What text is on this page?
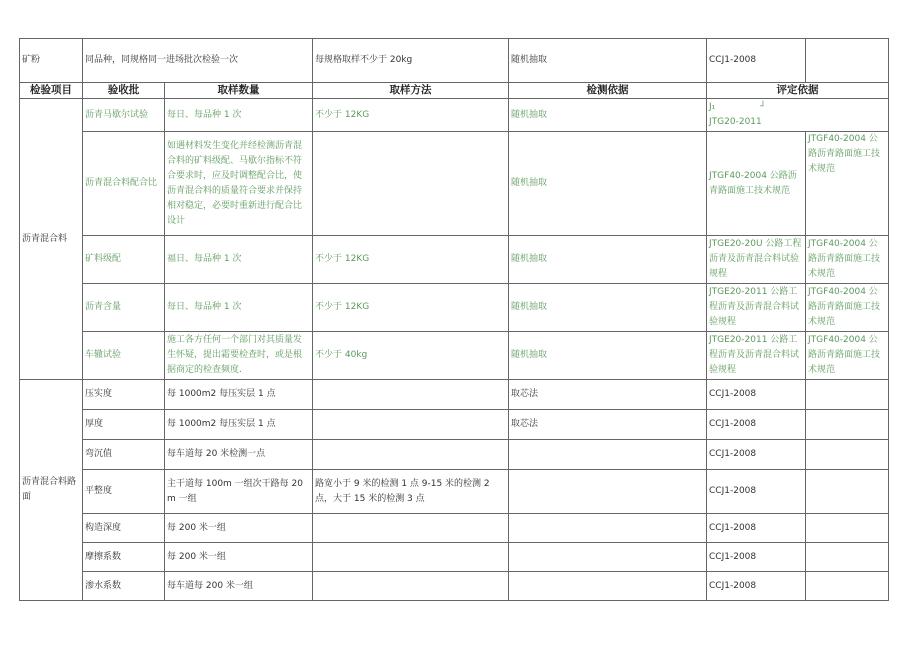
矿粉	同品种，同规格同一进场批次检验一次		每规格取样不少于 20kg	随机抽取	CCJ1-2008	
检验项目	验收批	取样数量	取样方法	检测依据	评定依据	
沥青混合料	沥青马歇尔试验	每日、每品种 1 次	不少于 12KG	随机抽取	J₁　　　　　┘
JTG20-2011	
	沥青混合料配合比	如遇材料发生变化并经检测沥青混合料的矿料级配、马歇尔指标不符合要求时，应及时调整配合比，使沥青混合料的质量符合要求并保持相对稳定，必要时重新进行配合比设计		随机抽取	JTGF40-2004 公路沥青路面施工技术规范	JTGF40-2004 公路沥青路面施工技术规范
	矿料级配	福日、每品种 1 次	不少于 12KG	随机抽取	JTGE20-20U 公路工程沥青及沥青混合料试验规程	JTGF40-2004 公路沥青路面施工技术规范
	沥青含量	每日、每品种 1 次	不少于 12KG	随机抽取	JTGE20-2011 公路工程沥青及沥青混合料试验规程	JTGF40-2004 公路沥青路面施工技术规范
	车辙试验	施工各方任何一个部门对其质量发生怀疑，提出霜要检查时，或是根据商定的检查频度.	不少于 40kg	随机抽取	JTGE20-2011 公路工程沥青及沥青混合料试验规程	JTGF40-2004 公路沥青路面施工技术规范
沥青混合料路面	压实度	每 1000m2 每压实层 1 点		取芯法	CCJ1-2008	
	厚度	每 1000m2 每压实层 1 点		取芯法	CCJ1-2008	
	弯沉值	每车道每 20 米检测一点			CCJ1-2008	
	平整度	主干道每 100m 一组次干路每 20m 一组	路宽小于 9 米的检测 1 点 9-15 米的检测 2 点，大于 15 米的检测 3 点		CCJ1-2008	
	构造深度	每 200 米一组			CCJ1-2008	
	摩擦系数	每 200 米一组			CCJ1-2008	
	渗水系数	每车道每 200 米一组			CCJ1-2008	
